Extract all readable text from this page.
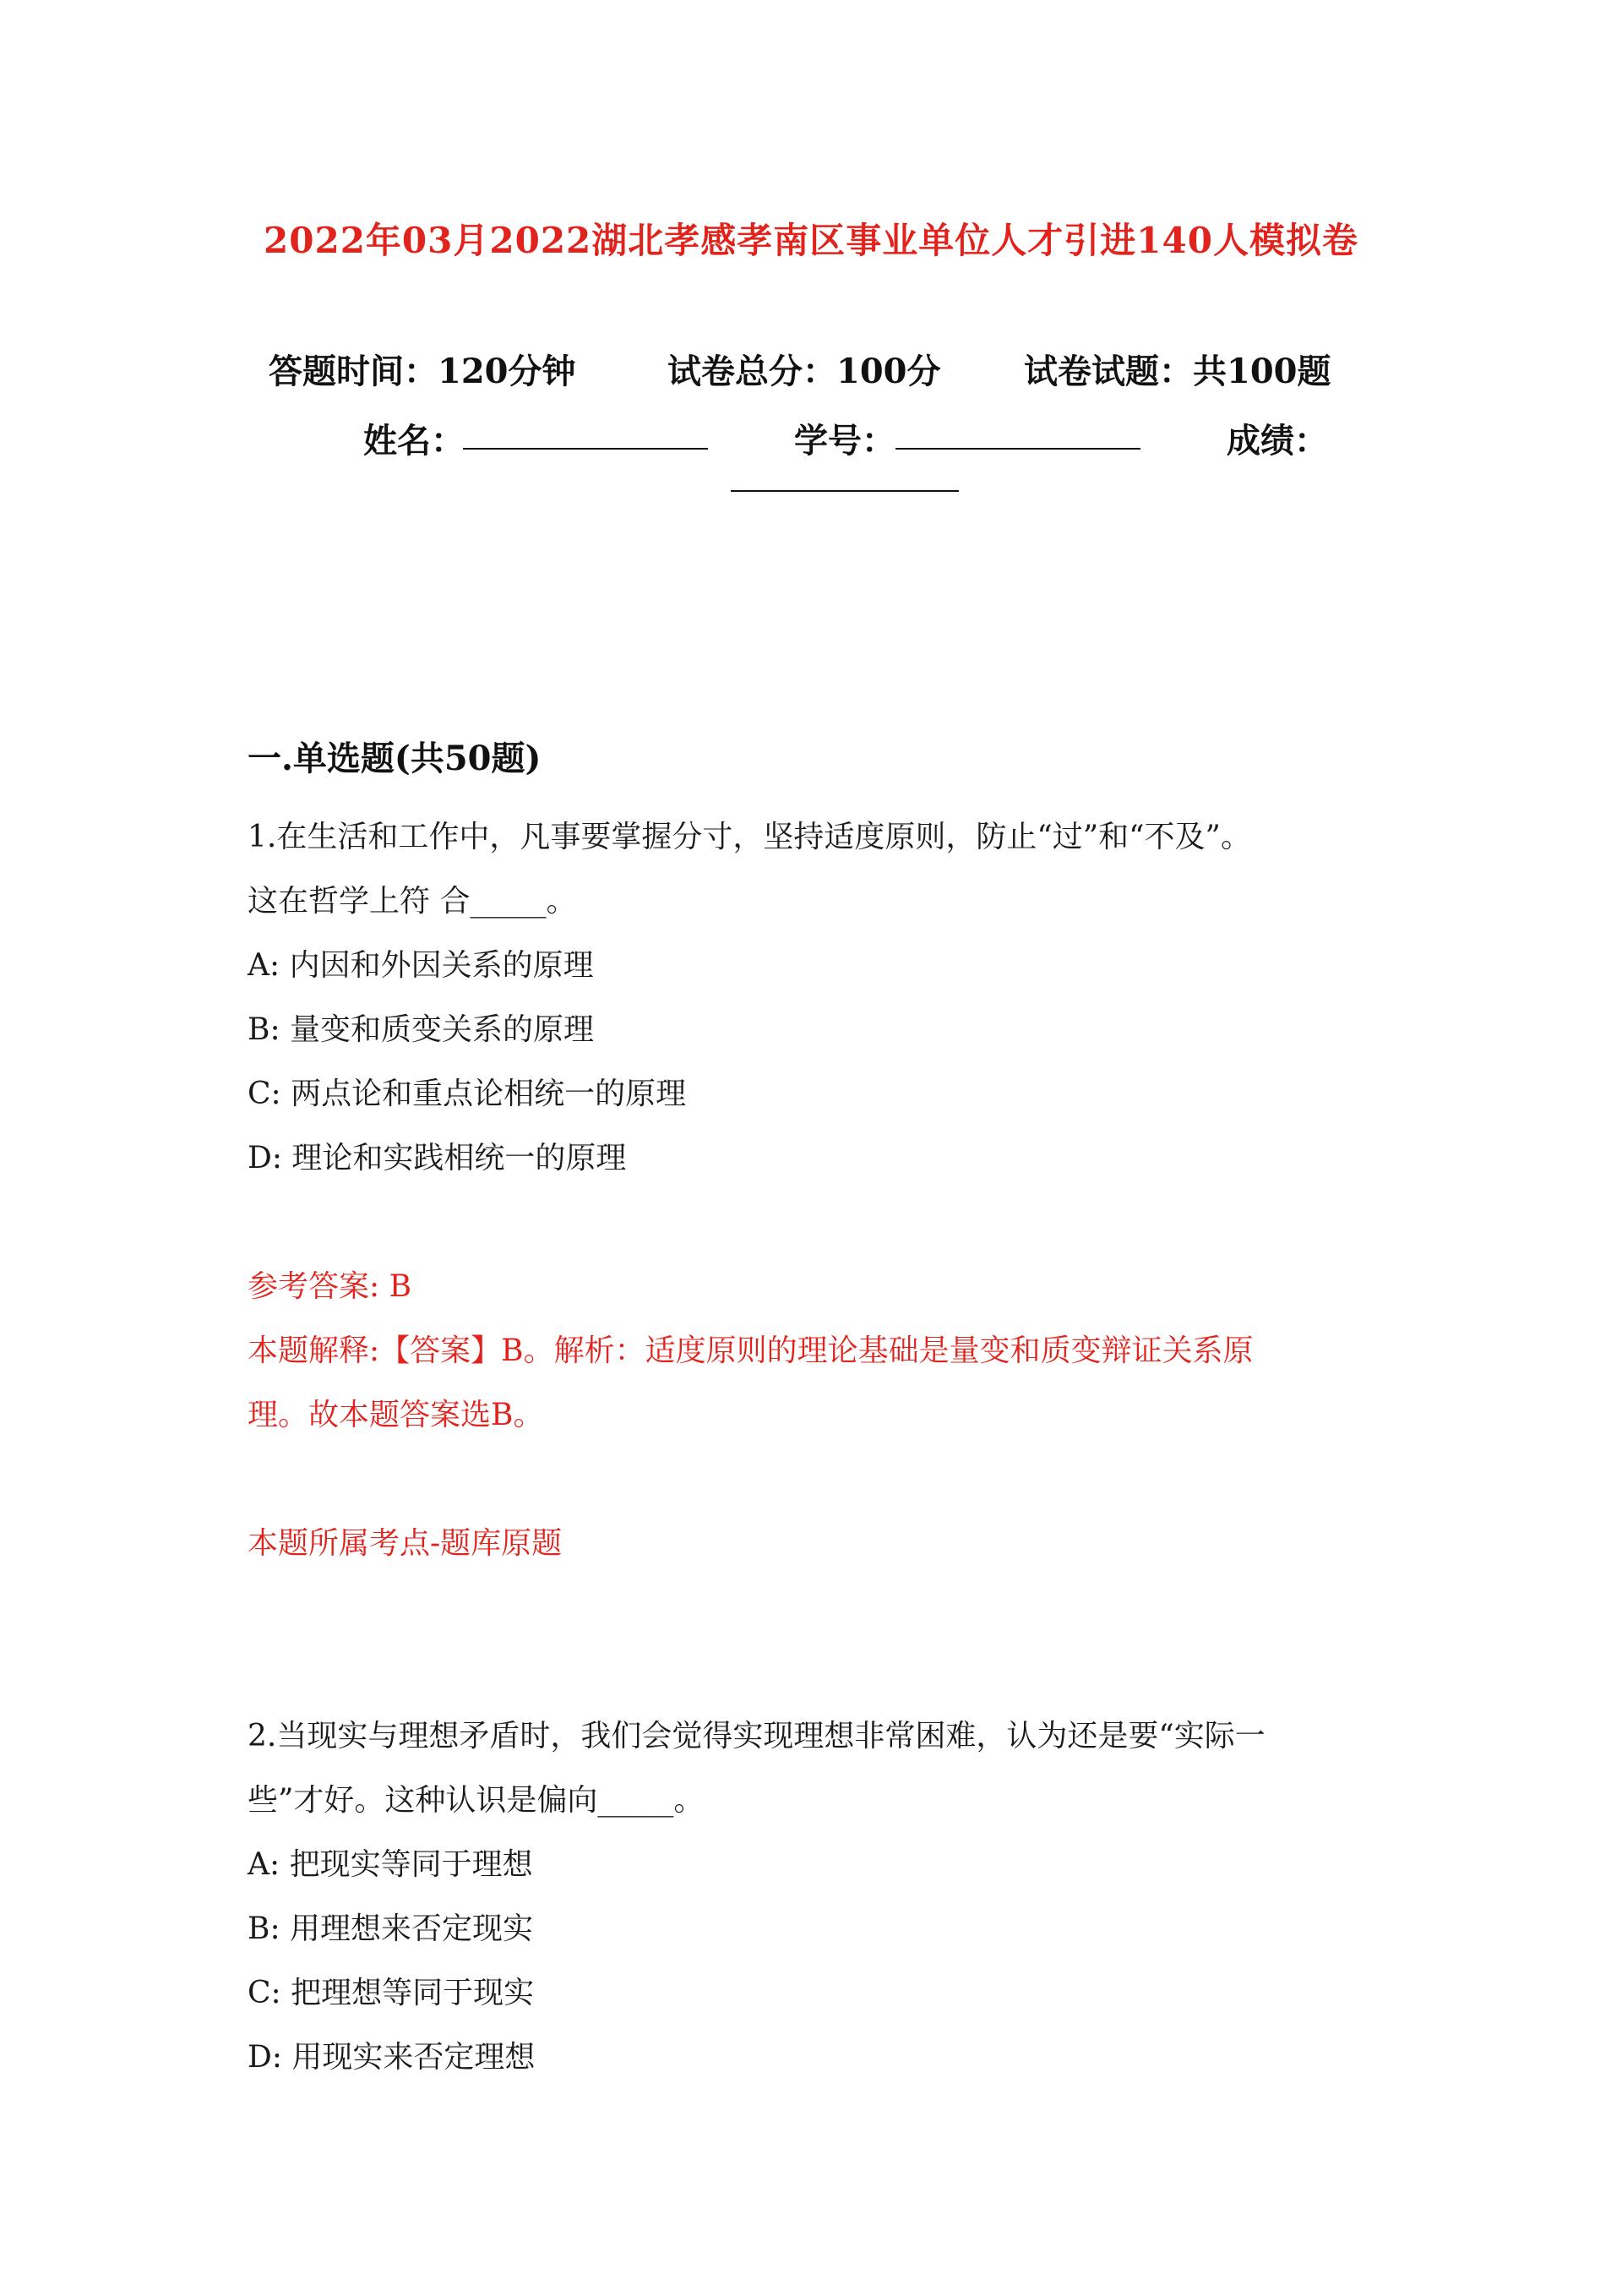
2022年03月2022湖北孝感孝南区事业单位人才引进140人模拟卷
答题时间：120分钟	试卷总分：100分 试卷试题：共100题
姓名：	学号：	成绩：
一.单选题(共50题)
1.在生活和工作中，凡事要掌握分寸，坚持适度原则，防止“过”和“不及”。
这在哲学上符 合_____。
A: 内因和外因关系的原理
B: 量变和质变关系的原理
C: 两点论和重点论相统一的原理
D: 理论和实践相统一的原理
参考答案: B
本题解释:【答案】B。解析：适度原则的理论基础是量变和质变辩证关系原
理。故本题答案选B。
本题所属考点-题库原题
2.当现实与理想矛盾时，我们会觉得实现理想非常困难，认为还是要“实际一
些”才好。这种认识是偏向_____。
A: 把现实等同于理想
B: 用理想来否定现实
C: 把理想等同于现实
D: 用现实来否定理想
